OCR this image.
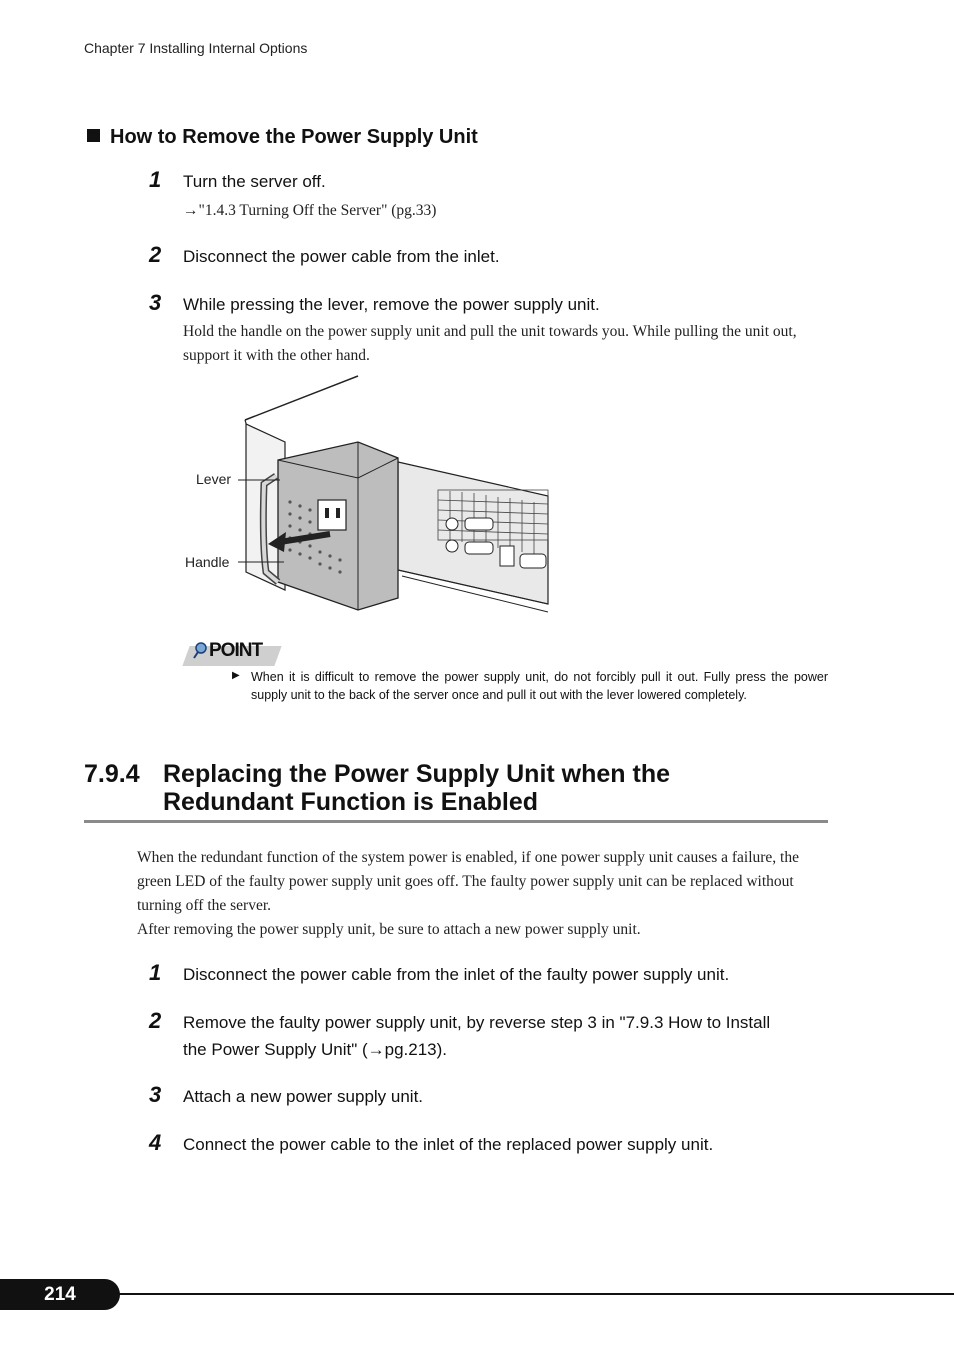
Chapter 7 Installing Internal Options
How to Remove the Power Supply Unit
1 Turn the server off.
→"1.4.3 Turning Off the Server" (pg.33)
2 Disconnect the power cable from the inlet.
3 While pressing the lever, remove the power supply unit.
Hold the handle on the power supply unit and pull the unit towards you. While pulling the unit out, support it with the other hand.
Lever
Handle
POINT
▶ When it is difficult to remove the power supply unit, do not forcibly pull it out. Fully press the power supply unit to the back of the server once and pull it out with the lever lowered completely.
7.9.4 Replacing the Power Supply Unit when the
Redundant Function is Enabled
When the redundant function of the system power is enabled, if one power supply unit causes a failure, the green LED of the faulty power supply unit goes off. The faulty power supply unit can be replaced without turning off the server.
After removing the power supply unit, be sure to attach a new power supply unit.
1 Disconnect the power cable from the inlet of the faulty power supply unit.
2 Remove the faulty power supply unit, by reverse step 3 in "7.9.3 How to Install
the Power Supply Unit" (→pg.213).
3 Attach a new power supply unit.
4 Connect the power cable to the inlet of the replaced power supply unit.
214
